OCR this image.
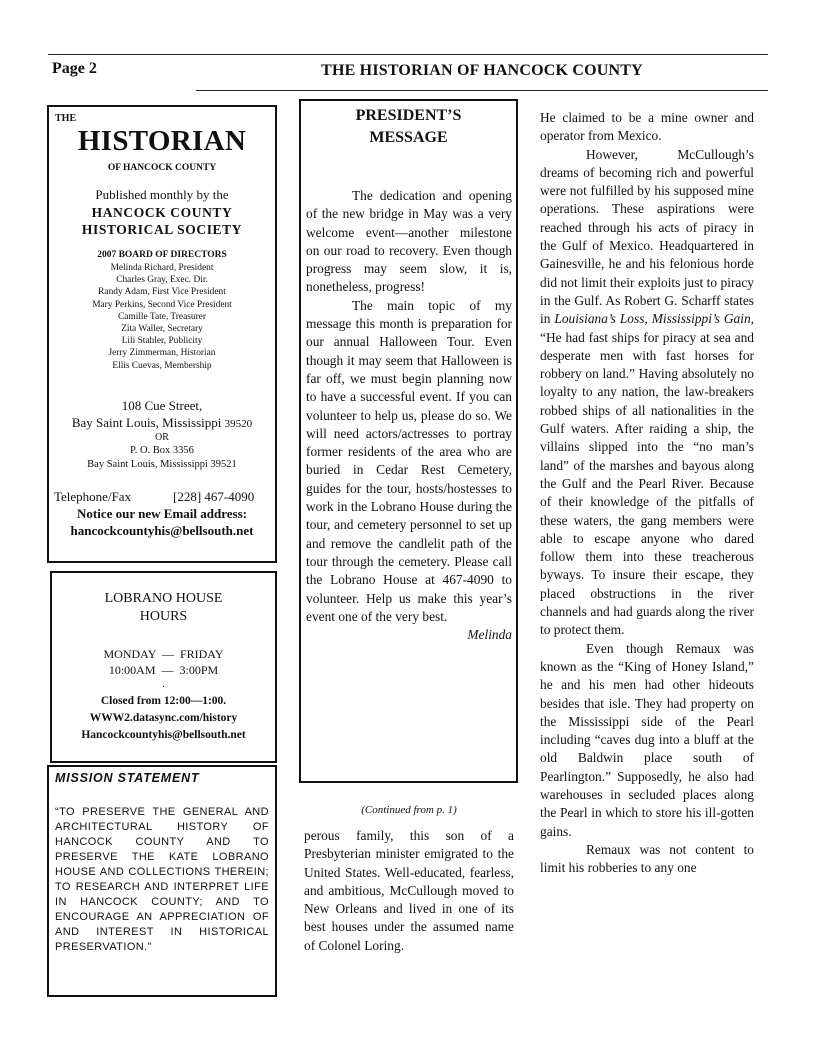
Page 2	THE HISTORIAN OF HANCOCK COUNTY
THE
HISTORIAN
OF HANCOCK COUNTY
Published monthly by the
HANCOCK COUNTY
HISTORICAL SOCIETY
2007 BOARD OF DIRECTORS
Melinda Richard, President
Charles Gray, Exec. Dir.
Randy Adam, First Vice President
Mary Perkins, Second Vice President
Camille Tate, Treasurer
Zita Waller, Secretary
Lili Stahler, Publicity
Jerry Zimmerman, Historian
Ellis Cuevas, Membership
108 Cue Street,
Bay Saint Louis, Mississippi 39520
OR
P. O. Box 3356
Bay Saint Louis, Mississippi 39521
Telephone/Fax	[228] 467-4090
Notice our new Email address:
hancockcountyhis@bellsouth.net
LOBRANO HOUSE
HOURS
MONDAY  —  FRIDAY
10:00AM  —  3:00PM
.
Closed from 12:00—1:00.
WWW2.datasync.com/history
Hancockcountyhis@bellsouth.net
MISSION STATEMENT
“TO PRESERVE THE GENERAL AND ARCHITECTURAL HISTORY OF HANCOCK COUNTY AND TO PRESERVE THE KATE LOBRANO HOUSE AND COLLECTIONS THEREIN; TO RESEARCH AND INTERPRET LIFE IN HANCOCK COUNTY; AND TO ENCOURAGE AN APPRECIATION OF AND INTEREST IN HISTORICAL PRESERVATION.”
PRESIDENT’S
MESSAGE

The dedication and opening of the new bridge in May was a very welcome event—another milestone on our road to recovery. Even though progress may seem slow, it is, nonetheless, progress!

The main topic of my message this month is preparation for our annual Halloween Tour. Even though it may seem that Halloween is far off, we must begin planning now to have a successful event. If you can volunteer to help us, please do so. We will need actors/actresses to portray former residents of the area who are buried in Cedar Rest Cemetery, guides for the tour, hosts/hostesses to work in the Lobrano House during the tour, and cemetery personnel to set up and remove the candlelit path of the tour through the cemetery. Please call the Lobrano House at 467-4090 to volunteer. Help us make this year’s event one of the very best.

Melinda

(Continued from p. 1)

perous family, this son of a Presbyterian minister emigrated to the United States. Well-educated, fearless, and ambitious, McCullough moved to New Orleans and lived in one of its best houses under the assumed name of Colonel Loring.

He claimed to be a mine owner and operator from Mexico.

However, McCullough’s dreams of becoming rich and powerful were not fulfilled by his supposed mine operations. These aspirations were reached through his acts of piracy in the Gulf of Mexico. Headquartered in Gainesville, he and his felonious horde did not limit their exploits just to piracy in the Gulf. As Robert G. Scharff states in Louisiana’s Loss, Mississippi’s Gain, “He had fast ships for piracy at sea and desperate men with fast horses for robbery on land.” Having absolutely no loyalty to any nation, the law-breakers robbed ships of all nationalities in the Gulf waters. After raiding a ship, the villains slipped into the “no man’s land” of the marshes and bayous along the Gulf and the Pearl River. Because of their knowledge of the pitfalls of these waters, the gang members were able to escape anyone who dared follow them into these treacherous byways. To insure their escape, they placed obstructions in the river channels and had guards along the river to protect them.

Even though Remaux was known as the “King of Honey Island,” he and his men had other hideouts besides that isle. They had property on the Mississippi side of the Pearl including “caves dug into a bluff at the old Baldwin place south of Pearlington.” Supposedly, he also had warehouses in secluded places along the Pearl in which to store his ill-gotten gains.

Remaux was not content to limit his robberies to any one
